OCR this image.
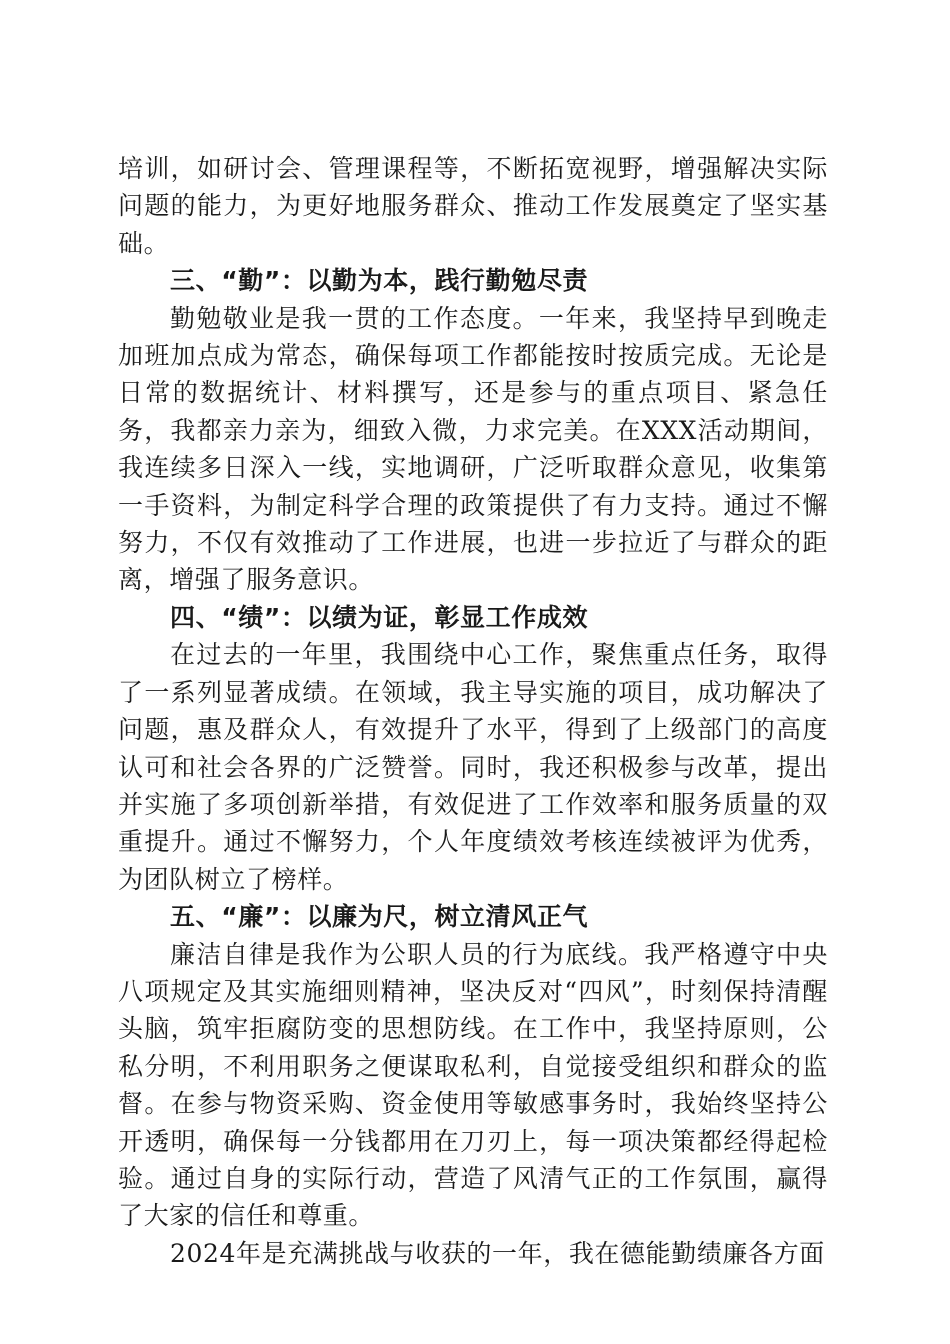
培训，如研讨会、管理课程等，不断拓宽视野，增强解决实际问题的能力，为更好地服务群众、推动工作发展奠定了坚实基础。

三、“勤”：以勤为本，践行勤勉尽责

勤勉敬业是我一贯的工作态度。一年来，我坚持早到晚走加班加点成为常态，确保每项工作都能按时按质完成。无论是日常的数据统计、材料撰写，还是参与的重点项目、紧急任务，我都亲力亲为，细致入微，力求完美。在XXX活动期间，我连续多日深入一线，实地调研，广泛听取群众意见，收集第一手资料，为制定科学合理的政策提供了有力支持。通过不懈努力，不仅有效推动了工作进展，也进一步拉近了与群众的距离，增强了服务意识。

四、“绩”：以绩为证，彰显工作成效

在过去的一年里，我围绕中心工作，聚焦重点任务，取得了一系列显著成绩。在领域，我主导实施的项目，成功解决了问题，惠及群众人，有效提升了水平，得到了上级部门的高度认可和社会各界的广泛赞誉。同时，我还积极参与改革，提出并实施了多项创新举措，有效促进了工作效率和服务质量的双重提升。通过不懈努力，个人年度绩效考核连续被评为优秀，为团队树立了榜样。

五、“廉”：以廉为尺，树立清风正气

廉洁自律是我作为公职人员的行为底线。我严格遵守中央八项规定及其实施细则精神，坚决反对“四风”，时刻保持清醒头脑，筑牢拒腐防变的思想防线。在工作中，我坚持原则，公私分明，不利用职务之便谋取私利，自觉接受组织和群众的监督。在参与物资采购、资金使用等敏感事务时，我始终坚持公开透明，确保每一分钱都用在刀刃上，每一项决策都经得起检验。通过自身的实际行动，营造了风清气正的工作氛围，赢得了大家的信任和尊重。

2024年是充满挑战与收获的一年，我在德能勤绩廉各方面
